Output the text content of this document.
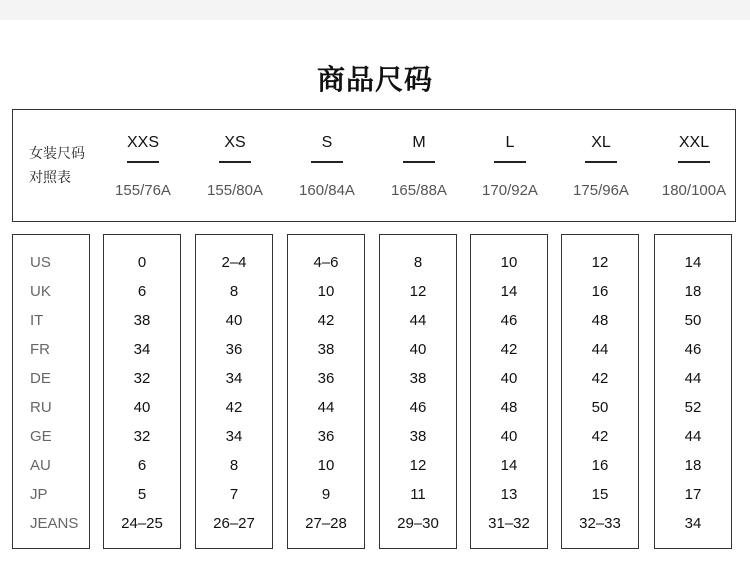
商品尺码
女装尺码
对照表
XXS
155/76A
XS
155/80A
S
160/84A
M
165/88A
L
170/92A
XL
175/96A
XXL
180/100A
US
UK
IT
FR
DE
RU
GE
AU
JP
JEANS
0
6
38
34
32
40
32
6
5
24–25
2–4
8
40
36
34
42
34
8
7
26–27
4–6
10
42
38
36
44
36
10
9
27–28
8
12
44
40
38
46
38
12
11
29–30
10
14
46
42
40
48
40
14
13
31–32
12
16
48
44
42
50
42
16
15
32–33
14
18
50
46
44
52
44
18
17
34
